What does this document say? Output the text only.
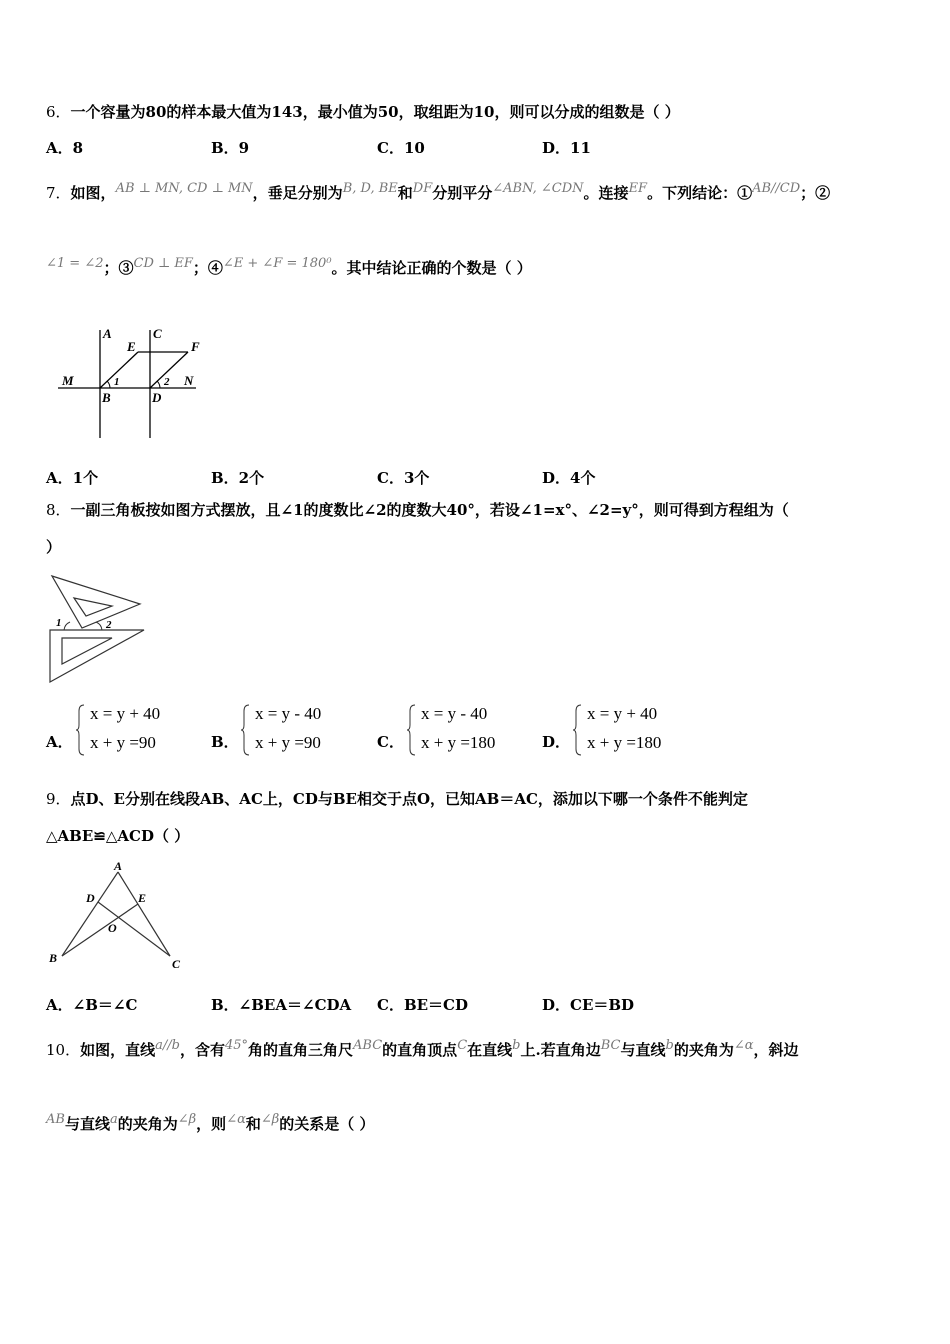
6．一个容量为80的样本最大值为143，最小值为50，取组距为10，则可以分成的组数是（ ）
A．8	B．9	C．10	D．11
7．如图，AB ⊥ MN, CD ⊥ MN，垂足分别为B, D, BE和DF分别平分∠ABN, ∠CDN。连接EF。下列结论：①AB//CD；②
∠1 = ∠2；③CD ⊥ EF；④∠E + ∠F = 180⁰。其中结论正确的个数是（ ）
A	C
E	F
M	N
B	D
1	2
A．1个	B．2个	C．3个	D．4个
8．一副三角板按如图方式摆放，且∠1的度数比∠2的度数大40°，若设∠1=x°、∠2=y°，则可得到方程组为（
）
1	2
A．
x = y + 40
x + y =90	B．
x = y - 40
x + y =90	C．
x = y - 40
x + y =180	D．
x = y + 40
x + y =180
9．点D、E分别在线段AB、AC上，CD与BE相交于点O，已知AB＝AC，添加以下哪一个条件不能判定
△ABE≌△ACD（ ）
A
D	E
O
B	C
A．∠B＝∠C	B．∠BEA＝∠CDA C．BE＝CD	D．CE＝BD
10．如图，直线a//b，含有45°角的直角三角尺ABC的直角顶点C在直线b上.若直角边BC与直线b的夹角为∠α，斜边
AB与直线a的夹角为∠β，则∠α和∠β的关系是（ ）
